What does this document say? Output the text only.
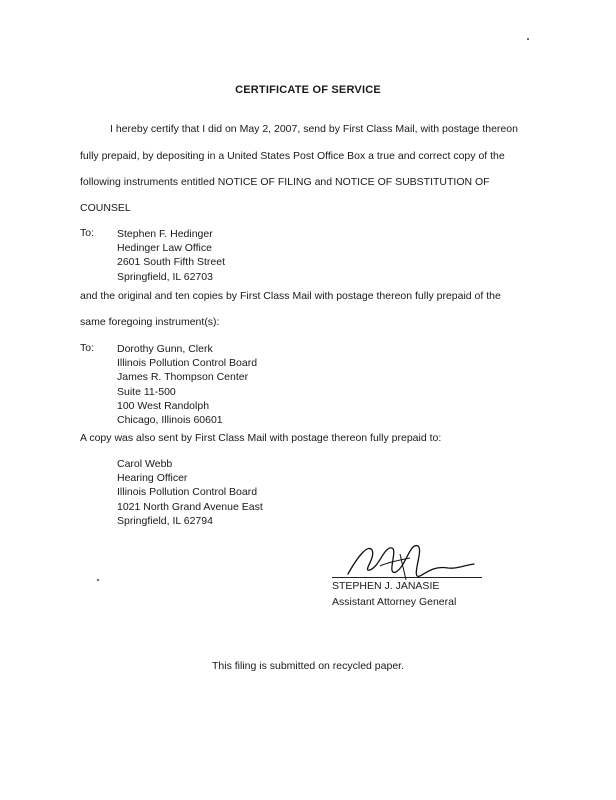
CERTIFICATE OF SERVICE
I hereby certify that I did on May 2, 2007, send by First Class Mail, with postage thereon
fully prepaid, by depositing in a United States Post Office Box a true and correct copy of the
following instruments entitled NOTICE OF FILING and NOTICE OF SUBSTITUTION OF
COUNSEL
To: Stephen F. Hedinger
Hedinger Law Office
2601 South Fifth Street
Springfield, IL 62703
and the original and ten copies by First Class Mail with postage thereon fully prepaid of the
same foregoing instrument(s):
To: Dorothy Gunn, Clerk
Illinois Pollution Control Board
James R. Thompson Center
Suite 11-500
100 West Randolph
Chicago, Illinois 60601
A copy was also sent by First Class Mail with postage thereon fully prepaid to:
Carol Webb
Hearing Officer
Illinois Pollution Control Board
1021 North Grand Avenue East
Springfield, IL 62794
STEPHEN J. JANASIE
Assistant Attorney General
This filing is submitted on recycled paper.
